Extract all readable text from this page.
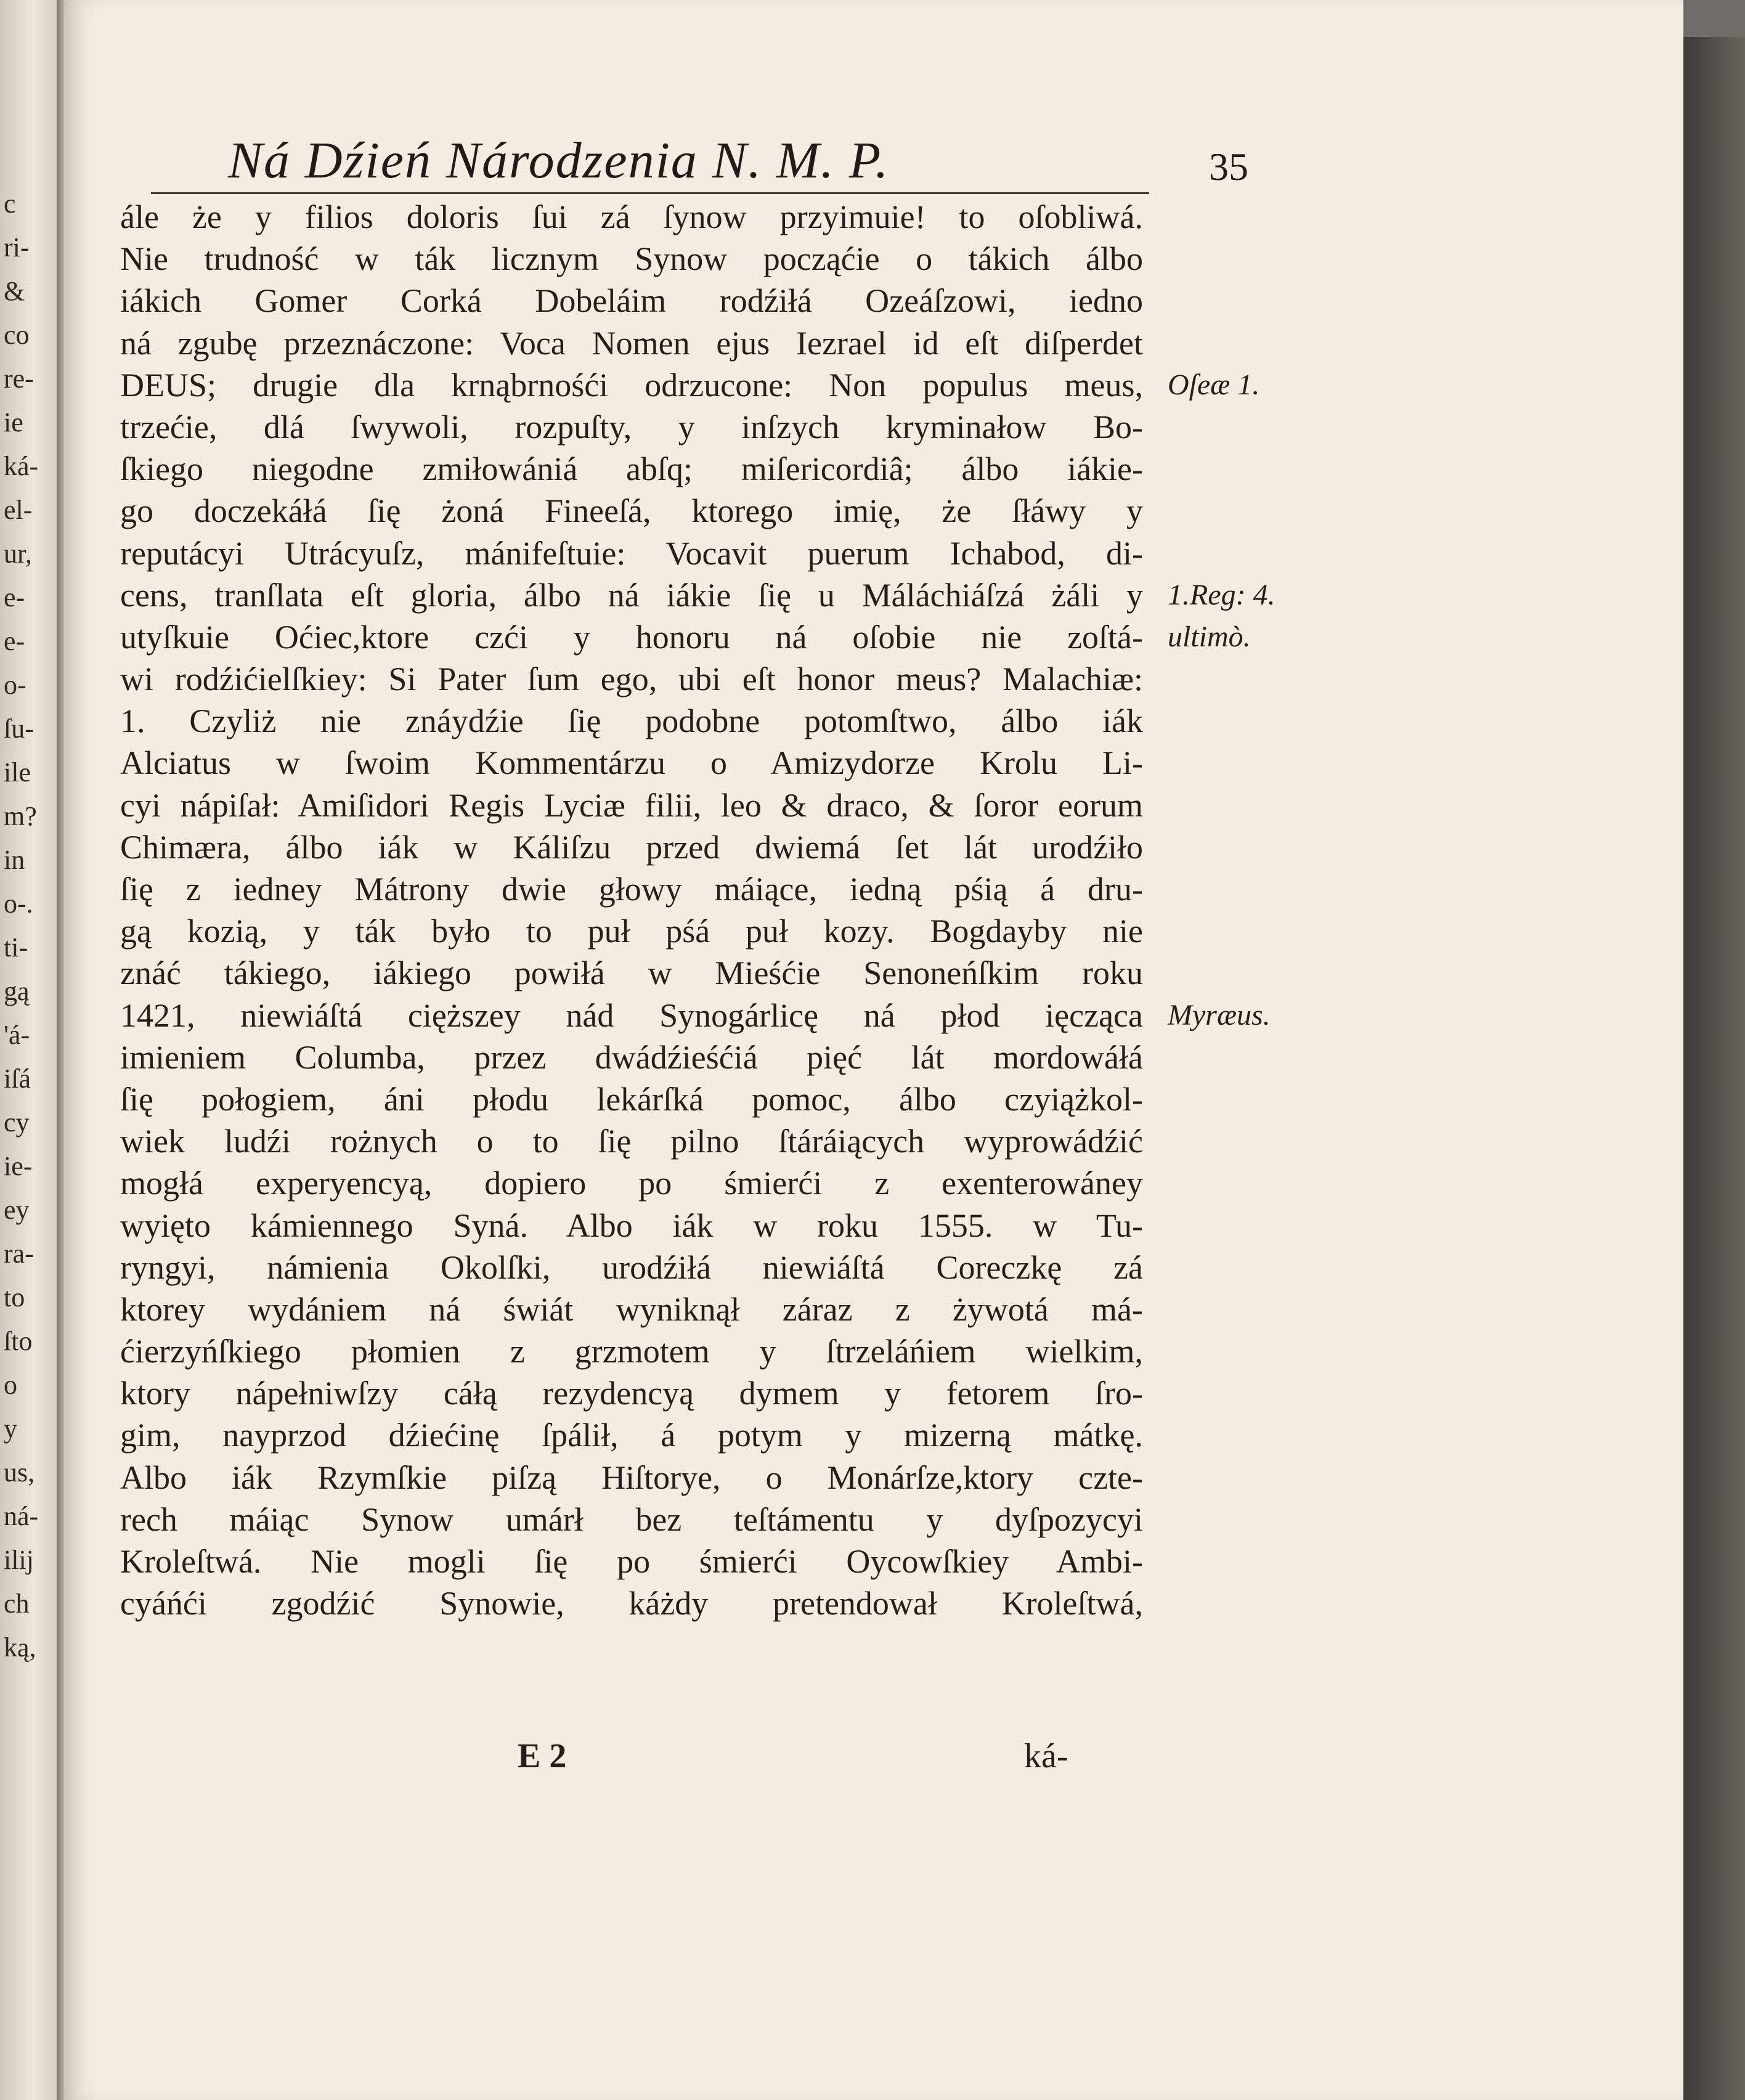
c
ri-
&
co
re-
ie
ká-
el-
ur,
e-
e-
o-
ſu-
ile
m?
in
o-.
ti-
gą
'á-
iſá
cy
ie-
ey
ra-
to
ſto
o
y
us,
ná-
ilij
ch
ką,
Ná Dźień Národzenia N. M. P.	35
ále że y filios doloris ſui zá ſynow przyimuie! to oſobliwá.
Nie trudność w ták licznym Synow począćie o tákich álbo
iákich Gomer Corká Dobeláim rodźiłá Ozeáſzowi, iedno
ná zgubę przeznáczone: Voca Nomen ejus Iezrael id eſt diſperdet
DEUS; drugie dla krnąbrnośći odrzucone: Non populus meus,
trzećie, dlá ſwywoli, rozpuſty, y inſzych kryminałow Bo-
ſkiego niegodne zmiłowániá abſq; miſericordiâ; álbo iákie-
go doczekáłá ſię żoná Fineeſá, ktorego imię, że ſłáwy y
reputácyi Utrácyuſz, mánifeſtuie: Vocavit puerum Ichabod, di-
cens, tranſlata eſt gloria, álbo ná iákie ſię u Máláchiáſzá żáli y
utyſkuie Oćiec,ktore czći y honoru ná oſobie nie zoſtá-
wi rodźićielſkiey: Si Pater ſum ego, ubi eſt honor meus? Malachiæ:
1. Czyliż nie znáydźie ſię podobne potomſtwo, álbo iák
Alciatus w ſwoim Kommentárzu o Amizydorze Krolu Li-
cyi nápiſał: Amiſidori Regis Lyciæ filii, leo & draco, & ſoror eorum
Chimæra, álbo iák w Káliſzu przed dwiemá ſet lát urodźiło
ſię z iedney Mátrony dwie głowy máiące, iedną pśią á dru-
gą kozią, y ták było to puł pśá puł kozy. Bogdayby nie
znáć tákiego, iákiego powiłá w Mieśćie Senoneńſkim roku
1421, niewiáſtá cięższey nád Synogárlicę ná płod ięcząca
imieniem Columba, przez dwádźieśćiá pięć lát mordowáłá
ſię połogiem, áni płodu lekárſká pomoc, álbo czyiążkol-
wiek ludźi rożnych o to ſię pilno ſtáráiących wyprowádźić
mogłá experyencyą, dopiero po śmierći z exenterowáney
wyięto kámiennego Syná. Albo iák w roku 1555. w Tu-
ryngyi, námienia Okolſki, urodźiłá niewiáſtá Coreczkę zá
ktorey wydániem ná świát wyniknął záraz z żywotá má-
ćierzyńſkiego płomien z grzmotem y ſtrzeláńiem wielkim,
ktory nápełniwſzy cáłą rezydencyą dymem y fetorem ſro-
gim, nayprzod dźiećinę ſpálił, á potym y mizerną mátkę.
Albo iák Rzymſkie piſzą Hiſtorye, o Monárſze,ktory czte-
rech máiąc Synow umárł bez teſtámentu y dyſpozycyi
Kroleſtwá. Nie mogli ſię po śmierći Oycowſkiey Ambi-
cyáńći zgodźić Synowie, káżdy pretendował Kroleſtwá,
Oſeæ 1.
1.Reg: 4.
ultimò.
Myræus.
E 2	ká-
